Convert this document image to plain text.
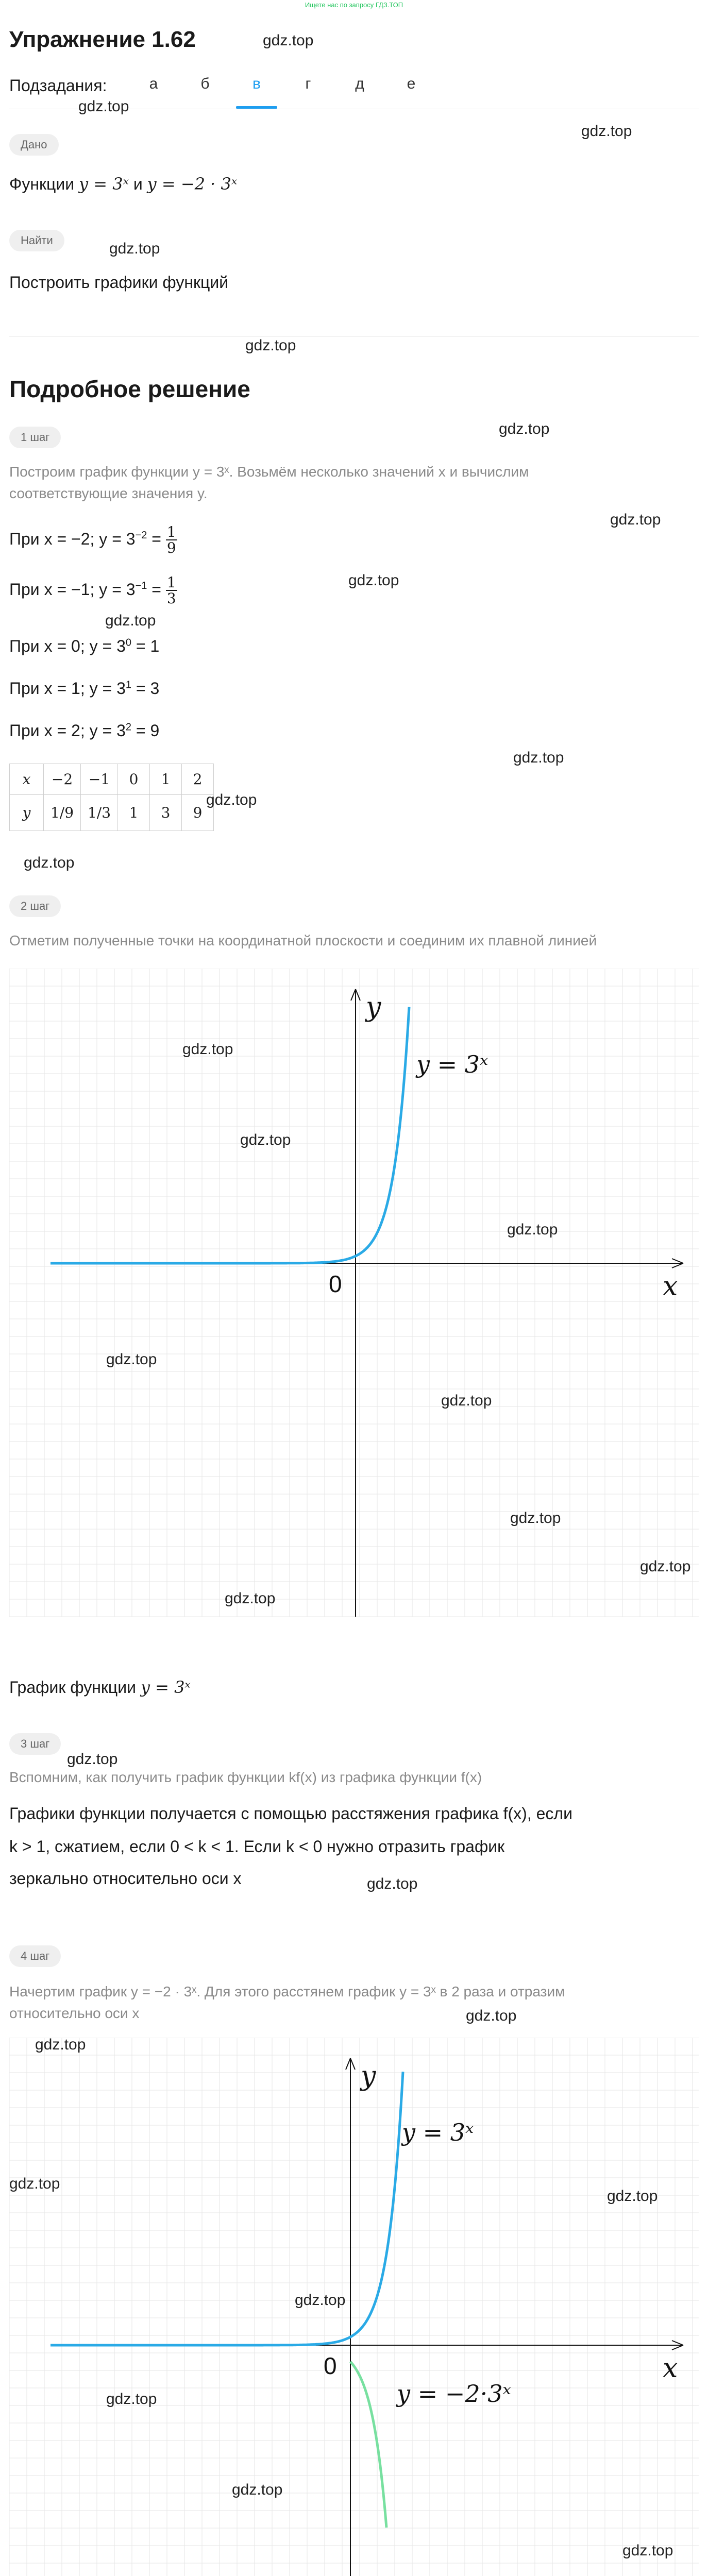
Ищете нас по запросу ГДЗ.ТОП
Упражнение 1.62
Подзадания:	а	б	в	г	д	е
Дано
Функции y = 3ˣ и y = −2 · 3ˣ
Найти
Построить графики функций
Подробное решение
1 шаг
Построим график функции y = 3ˣ. Возьмём несколько значений x и вычислим
соответствующие значения y.
При x = −2; $y = 3^{-2} = \frac{1}{9}$
При x = −1; $y = 3^{-1} = \frac{1}{3}$
При x = 0; $y = 3^0 = 1$
При x = 1; $y = 3^1 = 3$
При x = 2; $y = 3^2 = 9$
x	−2	−1	0	1	2
y	1/9	1/3	1	3	9
2 шаг
Отметим полученные точки на координатной плоскости и соединим их плавной линией
x
y
0
y = 3ˣ
График функции y = 3ˣ
3 шаг
Вспомним, как получить график функции kf(x) из графика функции f(x)
Графики функции получается с помощью расстяжения графика f(x), если
k > 1, сжатием, если 0 < k < 1. Если k < 0 нужно отразить график
зеркально относительно оси x
4 шаг
Начертим график y = −2 · 3ˣ. Для этого расстянем график y = 3ˣ в 2 раза и отразим
относительно оси x
x
y
0
y = 3ˣ
y = −2·3ˣ
gdz.top
gdz.top
gdz.top
gdz.top
gdz.top
gdz.top
gdz.top
gdz.top
gdz.top
gdz.top
gdz.top
gdz.top
gdz.top
gdz.top
gdz.top
gdz.top
gdz.top
gdz.top
gdz.top
gdz.top
gdz.top
gdz.top
gdz.top
gdz.top
gdz.top
gdz.top
gdz.top
gdz.top
gdz.top
gdz.top
